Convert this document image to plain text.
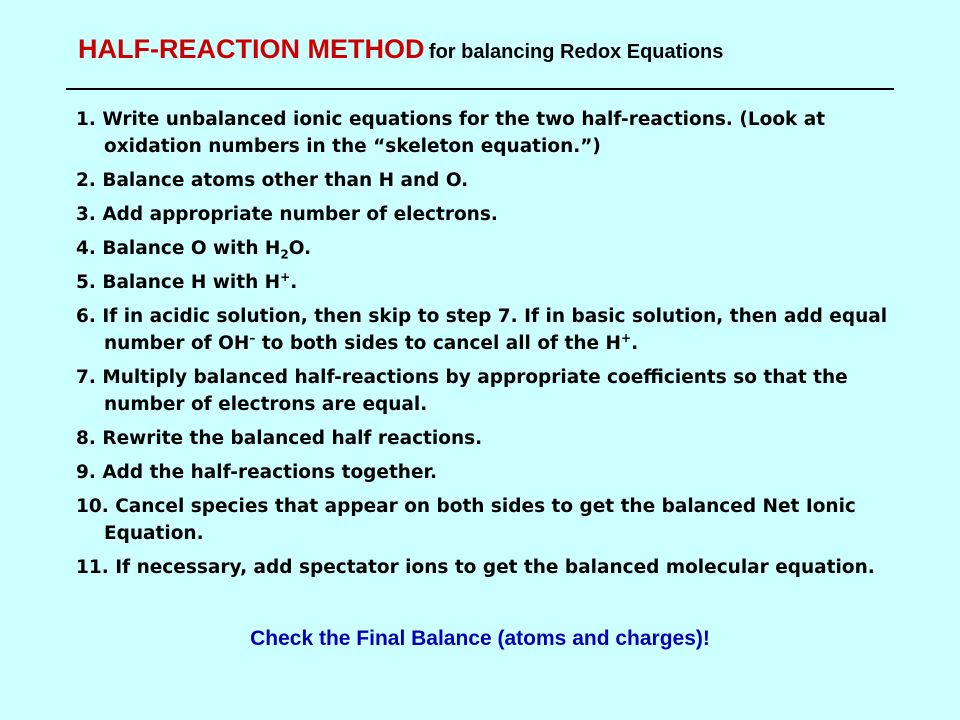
HALF-REACTION METHOD for balancing Redox Equations
1. Write unbalanced ionic equations for the two half-reactions. (Look at oxidation numbers in the “skeleton equation.”)
2. Balance atoms other than H and O.
3. Add appropriate number of electrons.
4. Balance O with $H_2O$.
5. Balance H with H+.
6. If in acidic solution, then skip to step 7. If in basic solution, then add equal number of OH– to both sides to cancel all of the H+.
7. Multiply balanced half-reactions by appropriate coefficients so that the number of electrons are equal.
8. Rewrite the balanced half reactions.
9. Add the half-reactions together.
10. Cancel species that appear on both sides to get the balanced Net Ionic Equation.
11. If necessary, add spectator ions to get the balanced molecular equation.
Check the Final Balance (atoms and charges)!
